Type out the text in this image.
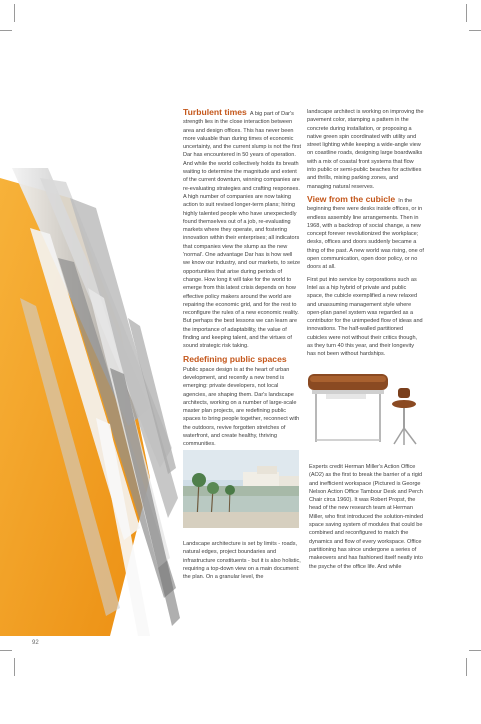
in brief

Turbulent times A big part of Dar's strength lies in the close interaction between area and design offices. This has never been more valuable than during times of economic uncertainty, and the current slump is not the first Dar has encountered in 50 years of operation. And while the world collectively holds its breath waiting to determine the magnitude and extent of the current downturn, winning companies are re-evaluating strategies and crafting responses. A high number of companies are now taking action to suit revised longer-term plans; hiring highly talented people who have unexpectedly found themselves out of a job, re-evaluating markets where they operate, and fostering innovation within their enterprises; all indicators that companies view the slump as the new 'normal'. One advantage Dar has is how well we know our industry, and our markets, to seize opportunities that arise during periods of change. How long it will take for the world to emerge from this latest crisis depends on how effective policy makers around the world are repairing the economic grid, and for the rest to reconfigure the rules of a new economic reality. But perhaps the best lessons we can learn are the importance of adaptability, the value of finding and keeping talent, and the virtues of sound strategic risk taking.

Redefining public spaces

Public space design is at the heart of urban development, and recently a new trend is emerging: private developers, not local agencies, are shaping them. Dar's landscape architects, working on a number of large-scale master plan projects, are redefining public spaces to bring people together, reconnect with the outdoors, revive forgotten stretches of waterfront, and create healthy, thriving communities.

landscape architect is working on improving the pavement color, stamping a pattern in the concrete during installation, or proposing a native green spin coordinated with utility and street lighting while keeping a wide-angle view on coastline roads, designing large boardwalks with a mix of coastal front systems that flow into public or semi-public beaches for activities and thrills, mixing parking zones, and managing natural reserves.

View from the cubicle In the beginning there were desks inside offices, or in endless assembly line arrangements. Then in 1968, with a backdrop of social change, a new concept forever revolutionized the workplace; desks, offices and doors suddenly became a thing of the past. A new world was rising, one of open communication, open door policy, or no doors at all.

First put into service by corporations such as Intel as a hip hybrid of private and public space, the cubicle exemplified a new relaxed and unassuming management style where open-plan panel system was regarded as a contributor for the unimpeded flow of ideas and innovations. The half-walled partitioned cubicles were not without their critics though, as they turn 40 this year, and their longevity has not been without hardships.

Landscape architecture is set by limits - roads, natural edges, project boundaries and infrastructure constituents - but it is also holistic, requiring a top-down view on a main document: the plan. On a granular level, the

Experts credit Herman Miller's Action Office (AO2) as the first to break the barrier of a rigid and inefficient workspace (Pictured is George Nelson Action Office Tambour Desk and Perch Chair circa 1960). It was Robert Propst, the head of the new research team at Herman Miller, who first introduced the solution-minded space saving system of modules that could be combined and reconfigured to match the dynamics and flow of every workspace. Office partitioning has since undergone a series of makeovers and has fashioned itself neatly into the psyche of the office life. And while

92
